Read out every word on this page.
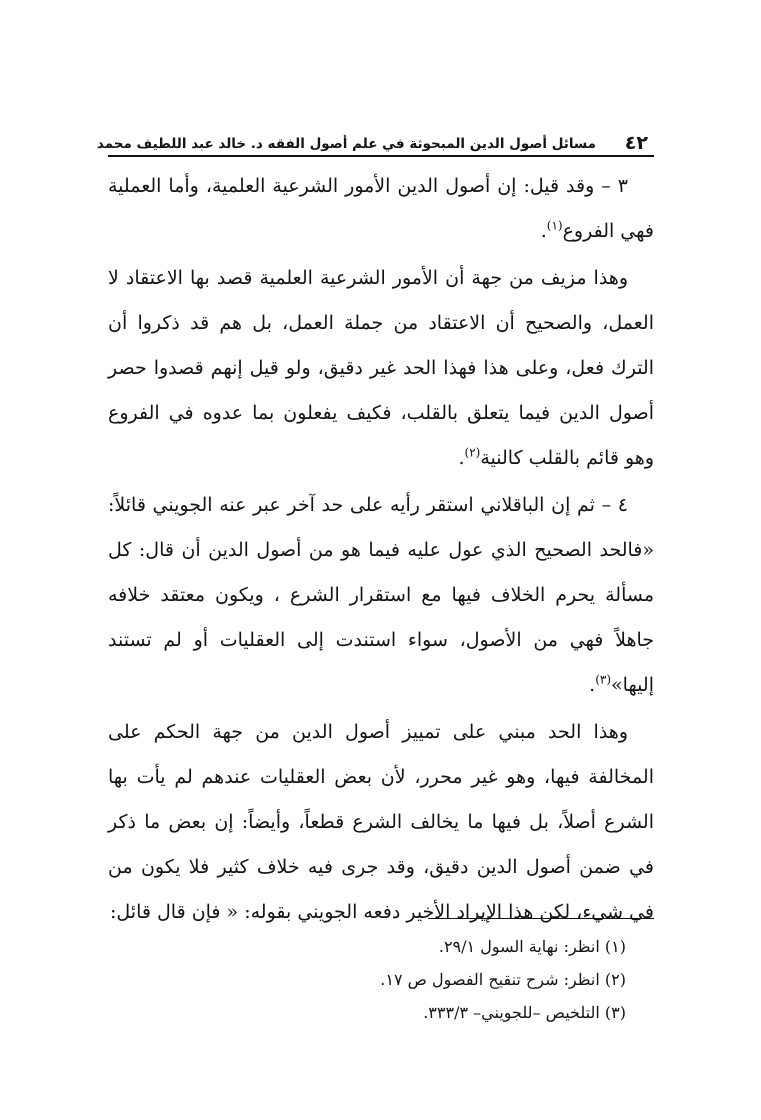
٤٢
مسائل أصول الدين المبحوثة في علم أصول الفقه د. خالد عبد اللطيف محمد

٣ – وقد قيل: إن أصول الدين الأمور الشرعية العلمية، وأما العملية فهي الفروع$^{(١)}$.

وهذا مزيف من جهة أن الأمور الشرعية العلمية قصد بها الاعتقاد لا العمل، والصحيح أن الاعتقاد من جملة العمل، بل هم قد ذكروا أن الترك فعل، وعلى هذا فهذا الحد غير دقيق، ولو قيل إنهم قصدوا حصر أصول الدين فيما يتعلق بالقلب، فكيف يفعلون بما عدوه في الفروع وهو قائم بالقلب كالنية$^{(٢)}$.

٤ – ثم إن الباقلاني استقر رأيه على حد آخر عبر عنه الجويني قائلاً: «فالحد الصحيح الذي عول عليه فيما هو من أصول الدين أن قال: كل مسألة يحرم الخلاف فيها مع استقرار الشرع ، ويكون معتقد خلافه جاهلاً فهي من الأصول، سواء استندت إلى العقليات أو لم تستند إليها»$^{(٣)}$.

وهذا الحد مبني على تمييز أصول الدين من جهة الحكم على المخالفة فيها، وهو غير محرر، لأن بعض العقليات عندهم لم يأت بها الشرع أصلاً، بل فيها ما يخالف الشرع قطعاً، وأيضاً: إن بعض ما ذكر في ضمن أصول الدين دقيق، وقد جرى فيه خلاف كثير فلا يكون من في شيء، لكن هذا الإيراد الأخير دفعه الجويني بقوله: « فإن قال قائل:

(١) انظر: نهاية السول ٢٩/١.

(٢) انظر: شرح تنقيح الفصول ص ١٧.

(٣) التلخيص –للجويني– ٣٣٣/٣.
